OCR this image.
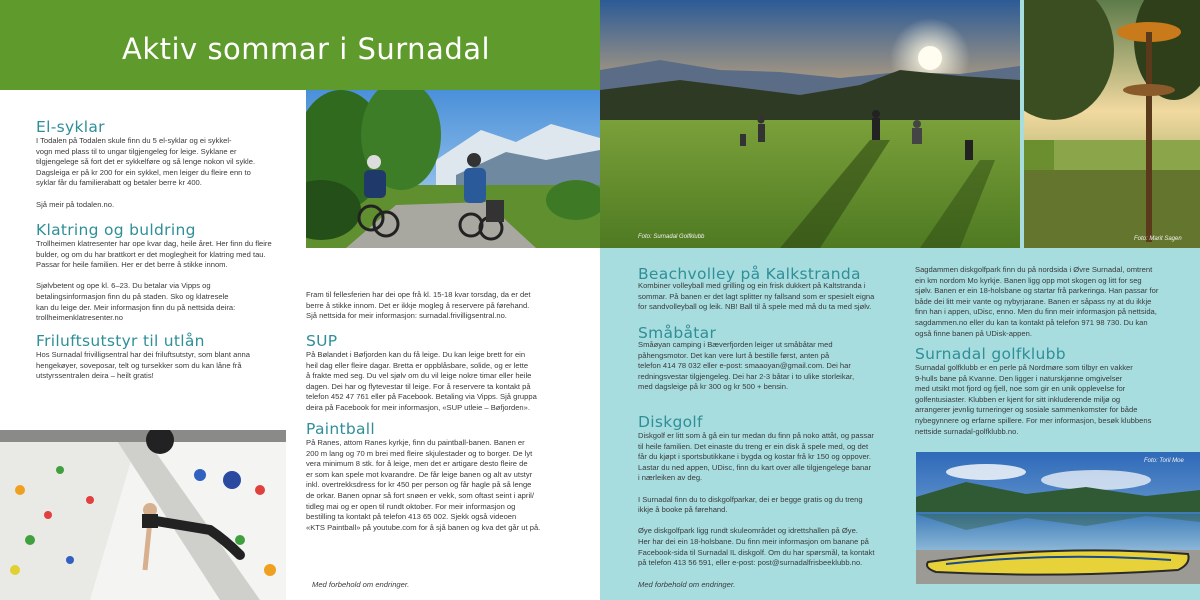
Aktiv sommar i Surnadal
El-syklar
I Todalen på Todalen skule finn du 5 el-syklar og ei sykkel-
vogn med plass til to ungar tilgjengeleg for leige. Syklane er
tilgjengelege så fort det er sykkelføre og så lenge nokon vil sykle.
Dagsleiga er på kr 200 for ein sykkel, men leiger du fleire enn to
syklar får du familierabatt og betaler berre kr 400.

Sjå meir på todalen.no.
Klatring og buldring
Trollheimen klatresenter har ope kvar dag, heile året. Her finn du fleire
bulder, og om du har brattkort er det moglegheit for klatring med tau.
Passar for heile familien. Her er det berre å stikke innom.

Sjølvbetent og ope kl. 6–23. Du betalar via Vipps og
betalingsinformasjon finn du på staden. Sko og klatresele
kan du leige der. Meir informasjon finn du på nettsida deira:
trollheimenklatresenter.no
Friluftsutstyr til utlån
Hos Surnadal frivilligsentral har dei friluftsutstyr, som blant anna
hengekøyer, soveposar, telt og tursekker som du kan låne frå
utstyrssentralen deira – heilt gratis!
Fram til fellesferien har dei ope frå kl. 15-18 kvar torsdag, da er det
berre å stikke innom. Det er ikkje mogleg å reservere på førehand.
Sjå nettsida for meir informasjon: surnadal.frivilligsentral.no.
SUP
På Bølandet i Bøfjorden kan du få leige. Du kan leige brett for ein
heil dag eller fleire dagar. Bretta er oppblåsbare, solide, og er lette
å frakte med seg. Du vel sjølv om du vil leige nokre timar eller heile
dagen. Dei har og flytevestar til leige. For å reservere ta kontakt på
telefon 452 47 761 eller på Facebook. Betaling via Vipps. Sjå gruppa
deira på Facebook for meir informasjon, «SUP utleie – Bøfjorden».
Paintball
På Ranes, attom Ranes kyrkje, finn du paintball-banen. Banen er
200 m lang og 70 m brei med fleire skjulestader og to borger. De lyt
vera minimum 8 stk. for å leige, men det er artigare desto fleire de
er som kan spele mot kvarandre. De får leige banen og alt av utstyr
inkl. overtrekksdress for kr 450 per person og får hagle på så lenge
de orkar. Banen opnar så fort snøen er vekk, som oftast seint i april/
tidleg mai og er open til rundt oktober. For meir informasjon og
bestilling ta kontakt på telefon 413 65 002. Sjekk også videoen
«KTS Paintball» på youtube.com for å sjå banen og kva det går ut på.
Med forbehold om endringer.
Foto: Surnadal Golfklubb	Foto: Marit Sagen
Beachvolley på Kalkstranda
Kombiner volleyball med grilling og ein frisk dukkert på Kaltstranda i
sommar. På banen er det lagt splitter ny fallsand som er spesielt eigna
for sandvolleyball og leik. NB! Ball til å spele med må du ta med sjølv.
Småbåtar
Småøyan camping i Bæverfjorden leiger ut småbåtar med
påhengsmotor. Det kan vere lurt å bestille først, anten på
telefon 414 78 032 eller e-post: smaaoyan@gmail.com. Dei har
redningsvestar tilgjengeleg. Dei har 2-3 båtar i to ulike storleikar,
med dagsleige på kr 300 og kr 500 + bensin.
Diskgolf
Diskgolf er litt som å gå ein tur medan du finn på noko attåt, og passar
til heile familien. Det einaste du treng er ein disk å spele med, og det
får du kjøpt i sportsbutikkane i bygda og kostar frå kr 150 og oppover.
Lastar du ned appen, UDisc, finn du kart over alle tilgjengelege banar
i nærleiken av deg.

I Surnadal finn du to diskgolfparkar, dei er begge gratis og du treng
ikkje å booke på førehand.

Øye diskgolfpark ligg rundt skuleområdet og idrettshallen på Øye.
Her har dei ein 18-holsbane. Du finn meir informasjon om banane på
Facebook-sida til Surnadal IL diskgolf. Om du har spørsmål, ta kontakt
på telefon 413 56 591, eller e-post: post@surnadalfrisbeeklubb.no.
Sagdammen diskgolfpark finn du på nordsida i Øvre Surnadal, omtrent
ein km nordom Mo kyrkje. Banen ligg opp mot skogen og litt for seg
sjølv. Banen er ein 18-holsbane og startar frå parkeringa. Han passar for
både dei litt meir vante og nybyrjarane. Banen er såpass ny at du ikkje
finn han i appen, uDisc, enno. Men du finn meir informasjon på nettsida,
sagdammen.no eller du kan ta kontakt på telefon 971 98 730. Du kan
også finne banen på UDisk-appen.
Surnadal golfklubb
Surnadal golfklubb er en perle på Nordmøre som tilbyr en vakker
9-hulls bane på Kvanne. Den ligger i naturskjønne omgivelser
med utsikt mot fjord og fjell, noe som gir en unik opplevelse for
golfentusiaster. Klubben er kjent for sitt inkluderende miljø og
arrangerer jevnlig turneringer og sosiale sammenkomster for både
nybegynnere og erfarne spillere. For mer informasjon, besøk klubbens
nettside surnadal-golfklubb.no.
Foto: Toril Moe
Med forbehold om endringer.
